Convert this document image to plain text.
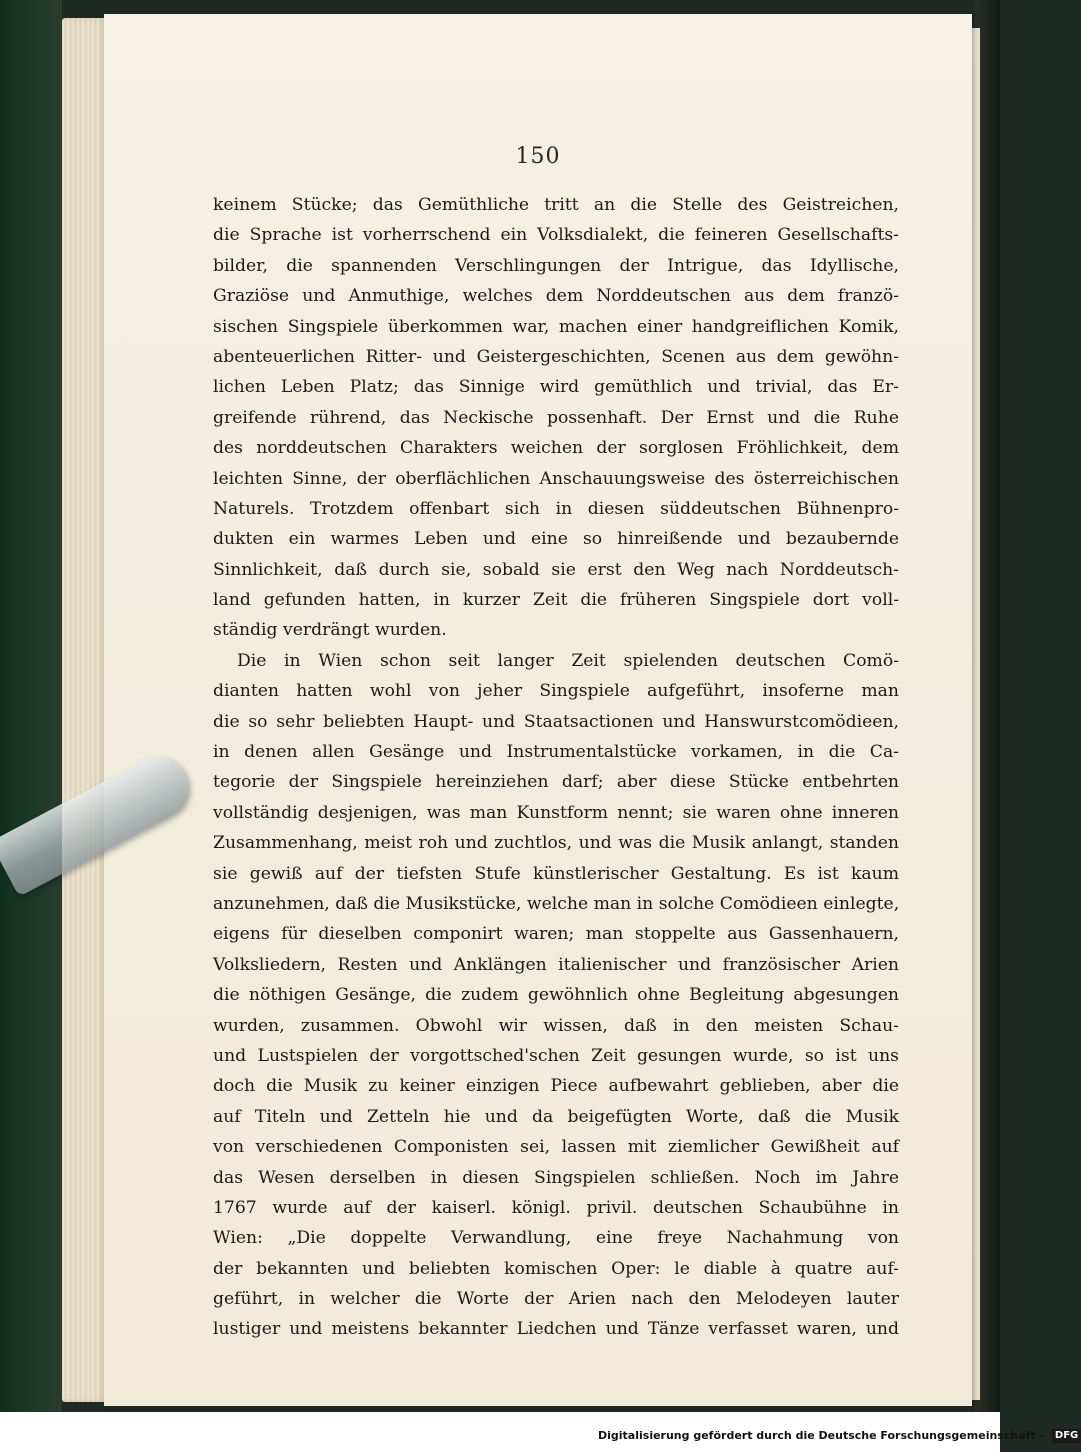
150
keinem Stücke; das Gemüthliche tritt an die Stelle des Geistreichen,
die Sprache ist vorherrschend ein Volksdialekt, die feineren Gesellschafts-
bilder, die spannenden Verschlingungen der Intrigue, das Idyllische,
Graziöse und Anmuthige, welches dem Norddeutschen aus dem franzö-
sischen Singspiele überkommen war, machen einer handgreiflichen Komik,
abenteuerlichen Ritter- und Geistergeschichten, Scenen aus dem gewöhn-
lichen Leben Platz; das Sinnige wird gemüthlich und trivial, das Er-
greifende rührend, das Neckische possenhaft. Der Ernst und die Ruhe
des norddeutschen Charakters weichen der sorglosen Fröhlichkeit, dem
leichten Sinne, der oberflächlichen Anschauungsweise des österreichischen
Naturels. Trotzdem offenbart sich in diesen süddeutschen Bühnenpro-
dukten ein warmes Leben und eine so hinreißende und bezaubernde
Sinnlichkeit, daß durch sie, sobald sie erst den Weg nach Norddeutsch-
land gefunden hatten, in kurzer Zeit die früheren Singspiele dort voll-
ständig verdrängt wurden.
Die in Wien schon seit langer Zeit spielenden deutschen Comö-
dianten hatten wohl von jeher Singspiele aufgeführt, insoferne man
die so sehr beliebten Haupt- und Staatsactionen und Hanswurstcomödieen,
in denen allen Gesänge und Instrumentalstücke vorkamen, in die Ca-
tegorie der Singspiele hereinziehen darf; aber diese Stücke entbehrten
vollständig desjenigen, was man Kunstform nennt; sie waren ohne inneren
Zusammenhang, meist roh und zuchtlos, und was die Musik anlangt, standen
sie gewiß auf der tiefsten Stufe künstlerischer Gestaltung. Es ist kaum
anzunehmen, daß die Musikstücke, welche man in solche Comödieen einlegte,
eigens für dieselben componirt waren; man stoppelte aus Gassenhauern,
Volksliedern, Resten und Anklängen italienischer und französischer Arien
die nöthigen Gesänge, die zudem gewöhnlich ohne Begleitung abgesungen
wurden, zusammen. Obwohl wir wissen, daß in den meisten Schau-
und Lustspielen der vorgottsched'schen Zeit gesungen wurde, so ist uns
doch die Musik zu keiner einzigen Piece aufbewahrt geblieben, aber die
auf Titeln und Zetteln hie und da beigefügten Worte, daß die Musik
von verschiedenen Componisten sei, lassen mit ziemlicher Gewißheit auf
das Wesen derselben in diesen Singspielen schließen. Noch im Jahre
1767 wurde auf der kaiserl. königl. privil. deutschen Schaubühne in
Wien: „Die doppelte Verwandlung, eine freye Nachahmung von
der bekannten und beliebten komischen Oper: le diable à quatre auf-
geführt, in welcher die Worte der Arien nach den Melodeyen lauter
lustiger und meistens bekannter Liedchen und Tänze verfasset waren, und
Digitalisierung gefördert durch die Deutsche Forschungsgemeinschaft - DFG
